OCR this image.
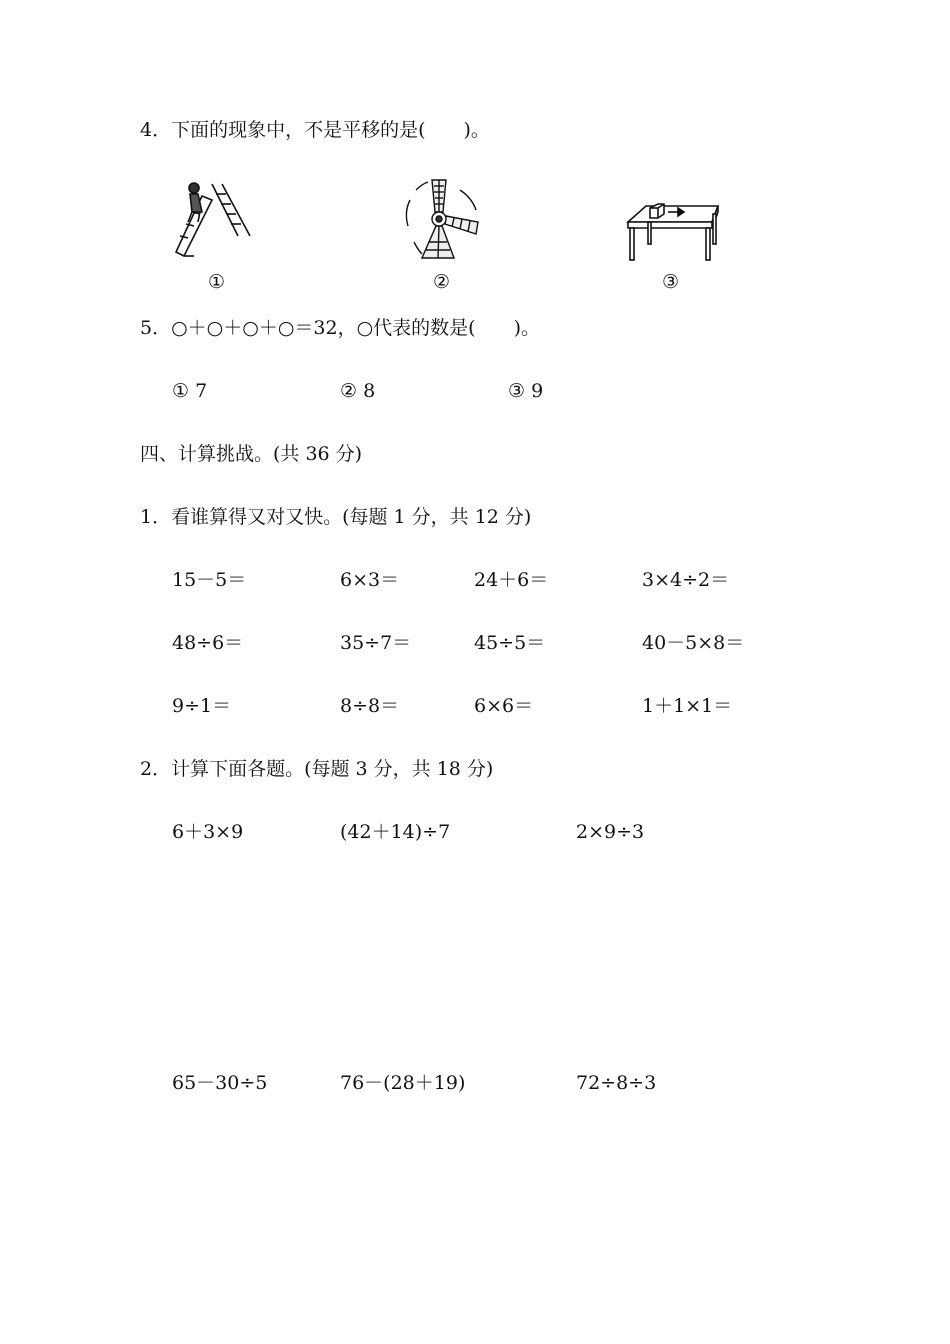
4．下面的现象中，不是平移的是(　　)。
①	②	③
5．○＋○＋○＋○＝32，○代表的数是(　　)。
① 7	② 8	③ 9
四、计算挑战。(共 36 分)
1．看谁算得又对又快。(每题 1 分，共 12 分)
15－5＝	6×3＝	24＋6＝	3×4÷2＝
48÷6＝	35÷7＝	45÷5＝	40－5×8＝
9÷1＝	8÷8＝	6×6＝	1＋1×1＝
2．计算下面各题。(每题 3 分，共 18 分)
6＋3×9	(42＋14)÷7	2×9÷3
65－30÷5	76－(28＋19)	72÷8÷3
